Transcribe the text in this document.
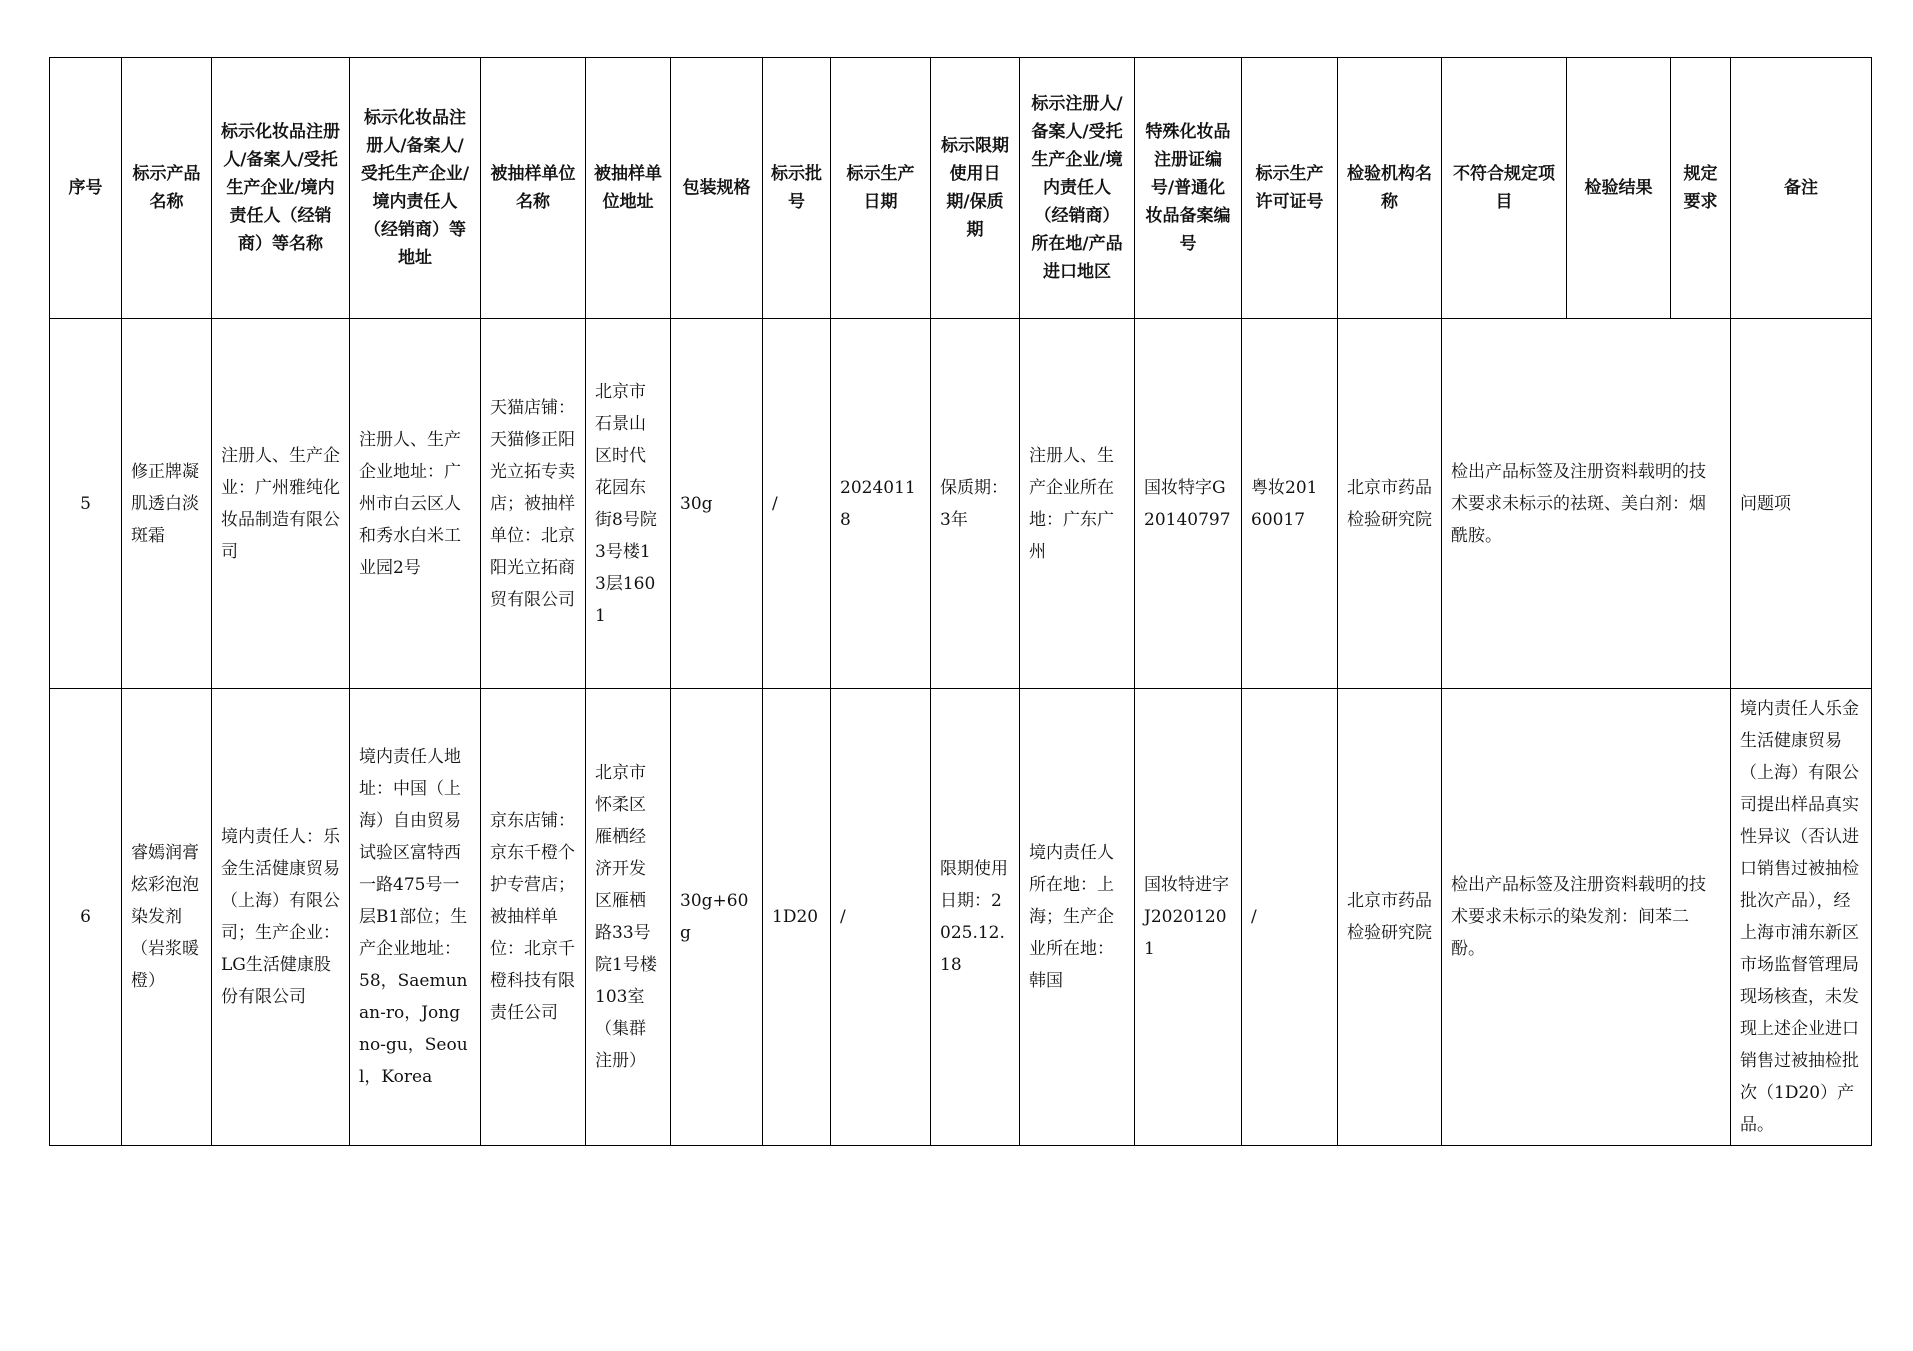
序号	标示产品名称	标示化妆品注册人/备案人/受托生产企业/境内责任人（经销商）等名称	标示化妆品注册人/备案人/受托生产企业/境内责任人（经销商）等地址	被抽样单位名称	被抽样单位地址	包装规格	标示批号	标示生产日期	标示限期使用日期/保质期	标示注册人/备案人/受托生产企业/境内责任人（经销商）所在地/产品进口地区	特殊化妆品注册证编号/普通化妆品备案编号	标示生产许可证号	检验机构名称	不符合规定项目	检验结果	规定要求	备注
5	修正牌凝肌透白淡斑霜	注册人、生产企业：广州雅纯化妆品制造有限公司	注册人、生产企业地址：广州市白云区人和秀水白米工业园2号	天猫店铺：天猫修正阳光立拓专卖店；被抽样单位：北京阳光立拓商贸有限公司	北京市石景山区时代花园东街8号院3号楼13层1601	30g	/	20240118	保质期：3年	注册人、生产企业所在地：广东广州	国妆特字G20140797	粤妆20160017	北京市药品检验研究院	检出产品标签及注册资料载明的技术要求未标示的祛斑、美白剂：烟酰胺。			问题项
6	睿嫣润膏炫彩泡泡染发剂（岩浆暖橙）	境内责任人：乐金生活健康贸易（上海）有限公司；生产企业：LG生活健康股份有限公司	境内责任人地址：中国（上海）自由贸易试验区富特西一路475号一层B1部位；生产企业地址：58，Saemunan-ro，Jongno-gu，Seoul，Korea	京东店铺：京东千橙个护专营店；被抽样单位：北京千橙科技有限责任公司	北京市怀柔区雁栖经济开发区雁栖路33号院1号楼103室（集群注册）	30g+60g	1D20	/	限期使用日期：2025.12.18	境内责任人所在地：上海；生产企业所在地：韩国	国妆特进字J20201201	/	北京市药品检验研究院	检出产品标签及注册资料载明的技术要求未标示的染发剂：间苯二酚。			境内责任人乐金生活健康贸易（上海）有限公司提出样品真实性异议（否认进口销售过被抽检批次产品），经上海市浦东新区市场监督管理局现场核查，未发现上述企业进口销售过被抽检批次（1D20）产品。
